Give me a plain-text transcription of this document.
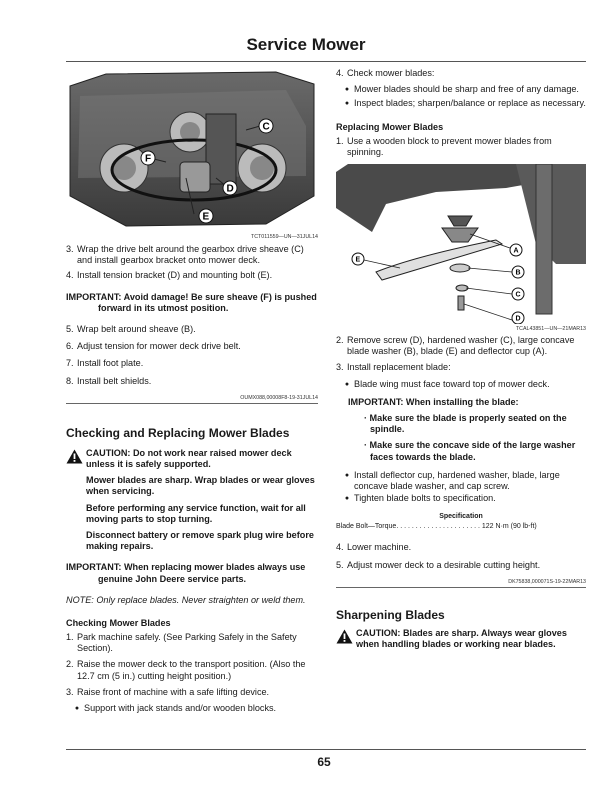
Service Mower
C
F
D
E
TCT011559—UN—31JUL14
3. Wrap the drive belt around the gearbox drive sheave (C) and install gearbox bracket onto mower deck.
4. Install tension bracket (D) and mounting bolt (E).
IMPORTANT: Avoid damage! Be sure sheave (F) is pushed forward in its utmost position.
5. Wrap belt around sheave (B).
6. Adjust tension for mower deck drive belt.
7. Install foot plate.
8. Install belt shields.
OUMX088,00008F8-19-31JUL14
Checking and Replacing Mower Blades
CAUTION: Do not work near raised mower deck unless it is safely supported.
Mower blades are sharp. Wrap blades or wear gloves when servicing.
Before performing any service function, wait for all moving parts to stop turning.
Disconnect battery or remove spark plug wire before making repairs.
IMPORTANT: When replacing mower blades always use genuine John Deere service parts.
NOTE: Only replace blades. Never straighten or weld them.
Checking Mower Blades
1. Park machine safely. (See Parking Safely in the Safety Section).
2. Raise the mower deck to the transport position. (Also the 12.7 cm (5 in.) cutting height position.)
3. Raise front of machine with a safe lifting device.
● Support with jack stands and/or wooden blocks.
4. Check mower blades:
● Mower blades should be sharp and free of any damage.
● Inspect blades; sharpen/balance or replace as necessary.
Replacing Mower Blades
1. Use a wooden block to prevent mower blades from spinning.
A
B
C
E
D
TCAL43851—UN—21MAR13
2. Remove screw (D), hardened washer (C), large concave blade washer (B), blade (E) and deflector cup (A).
3. Install replacement blade:
● Blade wing must face toward top of mower deck.
IMPORTANT: When installing the blade:
· Make sure the blade is properly seated on the spindle.
· Make sure the concave side of the large washer faces towards the blade.
● Install deflector cup, hardened washer, blade, large concave blade washer, and cap screw.
● Tighten blade bolts to specification.
Specification
Blade Bolt—Torque. . . . . . . . . . . . . . . . . . . . . . 122 N·m (90 lb-ft)
4. Lower machine.
5. Adjust mower deck to a desirable cutting height.
DK75838,000071S-19-22MAR13
Sharpening Blades
CAUTION: Blades are sharp. Always wear gloves when handling blades or working near blades.
65
